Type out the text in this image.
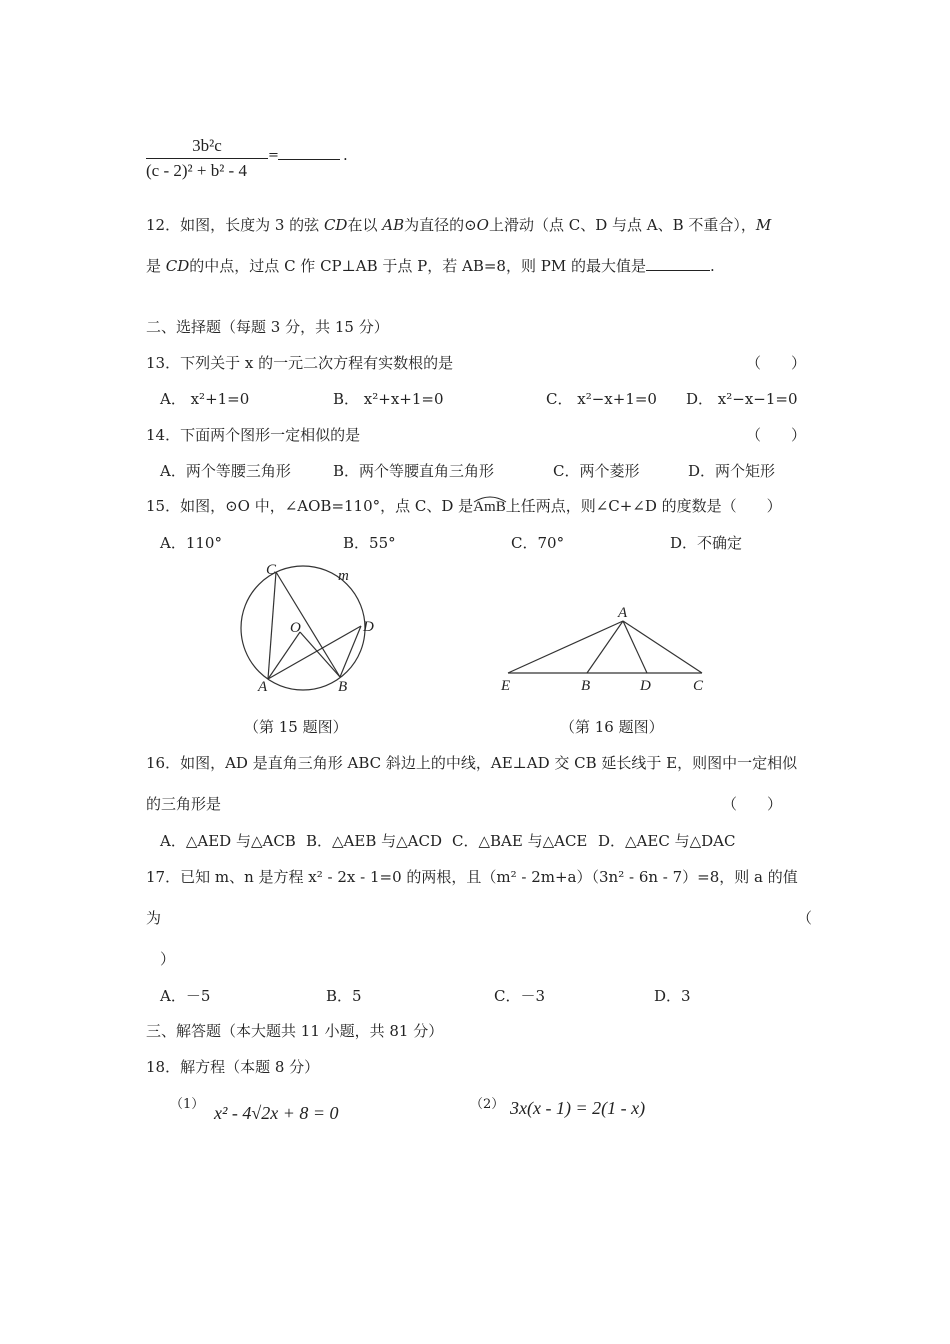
3b²c
(c - 2)² + b² - 4
=	.
12．如图，长度为 3 的弦 CD在以 AB为直径的⊙O上滑动（点 C、D 与点 A、B 不重合），M
是 CD的中点，过点 C 作 CP⊥AB 于点 P，若 AB=8，则 PM 的最大值是	.
二、选择题（每题 3 分，共 15 分）
13．下列关于 x 的一元二次方程有实数根的是	（　　）
A． x²+1=0	B． x²+x+1=0	C． x²−x+1=0 D． x²−x−1=0
14．下面两个图形一定相似的是	（　　）
A．两个等腰三角形	B．两个等腰直角三角形	C．两个菱形	D．两个矩形
15．如图，⊙O 中，∠AOB=110°，点 C、D 是
AmB上任两点，则∠C+∠D 的度数是（　　）
A．110°	B．55°	C．70°	D．不确定
C	m
O	D
A	B
（第 15 题图）
A
E	B	D	C
（第 16 题图）
16．如图，AD 是直角三角形 ABC 斜边上的中线，AE⊥AD 交 CB 延长线于 E，则图中一定相似
的三角形是	（　　）
A．△AED 与△ACB B．△AEB 与△ACD C．△BAE 与△ACE D．△AEC 与△DAC
17．已知 m、n 是方程 x² - 2x - 1=0 的两根，且（m² - 2m+a）（3n² - 6n - 7）=8，则 a 的值
为	（
）
A．－5	B．5	C．－3	D．3
三、解答题（本大题共 11 小题，共 81 分）
18．解方程（本题 8 分）
（1） x² - 4√2x + 8 = 0	（2） 3x(x - 1) = 2(1 - x)
